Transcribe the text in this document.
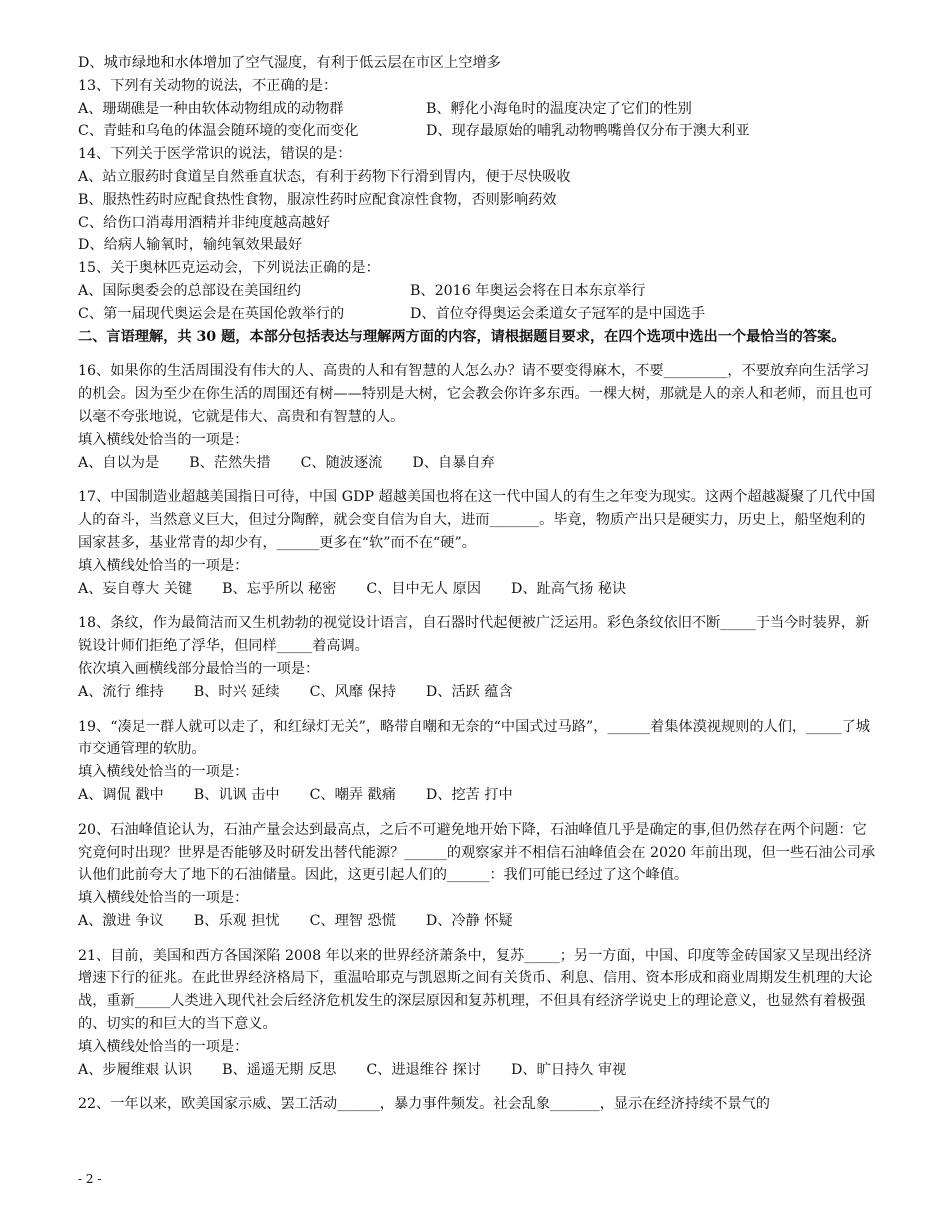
D、城市绿地和水体增加了空气湿度，有利于低云层在市区上空增多
13、下列有关动物的说法，不正确的是：
A、珊瑚礁是一种由软体动物组成的动物群	B、孵化小海龟时的温度决定了它们的性别
C、青蛙和乌龟的体温会随环境的变化而变化	D、现存最原始的哺乳动物鸭嘴兽仅分布于澳大利亚
14、下列关于医学常识的说法，错误的是：
A、站立服药时食道呈自然垂直状态，有利于药物下行滑到胃内，便于尽快吸收
B、服热性药时应配食热性食物，服凉性药时应配食凉性食物，否则影响药效
C、给伤口消毒用酒精并非纯度越高越好
D、给病人输氧时，输纯氧效果最好
15、关于奥林匹克运动会，下列说法正确的是：
A、国际奥委会的总部设在美国纽约	B、2016 年奥运会将在日本东京举行
C、第一届现代奥运会是在英国伦敦举行的	D、首位夺得奥运会柔道女子冠军的是中国选手
二、言语理解，共 30 题，本部分包括表达与理解两方面的内容，请根据题目要求，在四个选项中选出一个最恰当的答案。
16、如果你的生活周围没有伟大的人、高贵的人和有智慧的人怎么办？请不要变得麻木，不要_________，不要放弃向生活学习的机会。因为至少在你生活的周围还有树——特别是大树，它会教会你许多东西。一棵大树，那就是人的亲人和老师，而且也可以毫不夸张地说，它就是伟大、高贵和有智慧的人。
填入横线处恰当的一项是：
A、自以为是 B、茫然失措 C、随波逐流 D、自暴自弃
17、中国制造业超越美国指日可待，中国 GDP 超越美国也将在这一代中国人的有生之年变为现实。这两个超越凝聚了几代中国人的奋斗，当然意义巨大，但过分陶醉，就会变自信为自大，进而_______。毕竟，物质产出只是硬实力，历史上，船坚炮利的国家甚多，基业常青的却少有，______更多在“软”而不在“硬”。
填入横线处恰当的一项是：
A、妄自尊大 关键 B、忘乎所以 秘密 C、目中无人 原因 D、趾高气扬 秘诀
18、条纹，作为最简洁而又生机勃勃的视觉设计语言，自石器时代起便被广泛运用。彩色条纹依旧不断_____于当今时装界，新锐设计师们拒绝了浮华，但同样_____着高调。
依次填入画横线部分最恰当的一项是：
A、流行 维持 B、时兴 延续 C、风靡 保持 D、活跃 蕴含
19、“凑足一群人就可以走了，和红绿灯无关”，略带自嘲和无奈的“中国式过马路”，______着集体漠视规则的人们，_____了城市交通管理的软肋。
填入横线处恰当的一项是：
A、调侃 戳中 B、讥讽 击中 C、嘲弄 戳痛 D、挖苦 打中
20、石油峰值论认为，石油产量会达到最高点，之后不可避免地开始下降，石油峰值几乎是确定的事,但仍然存在两个问题：它究竟何时出现？世界是否能够及时研发出替代能源？______的观察家并不相信石油峰值会在 2020 年前出现，但一些石油公司承认他们此前夸大了地下的石油储量。因此，这更引起人们的______：我们可能已经过了这个峰值。
填入横线处恰当的一项是：
A、激进 争议 B、乐观 担忧 C、理智 恐慌 D、冷静 怀疑
21、目前，美国和西方各国深陷 2008 年以来的世界经济萧条中，复苏_____；另一方面，中国、印度等金砖国家又呈现出经济增速下行的征兆。在此世界经济格局下，重温哈耶克与凯恩斯之间有关货币、利息、信用、资本形成和商业周期发生机理的大论战，重新_____人类进入现代社会后经济危机发生的深层原因和复苏机理，不但具有经济学说史上的理论意义，也显然有着极强的、切实的和巨大的当下意义。
填入横线处恰当的一项是：
A、步履维艰 认识 B、遥遥无期 反思 C、进退维谷 探讨 D、旷日持久 审视
22、一年以来，欧美国家示威、罢工活动______，暴力事件频发。社会乱象_______，显示在经济持续不景气的
- 2 -
